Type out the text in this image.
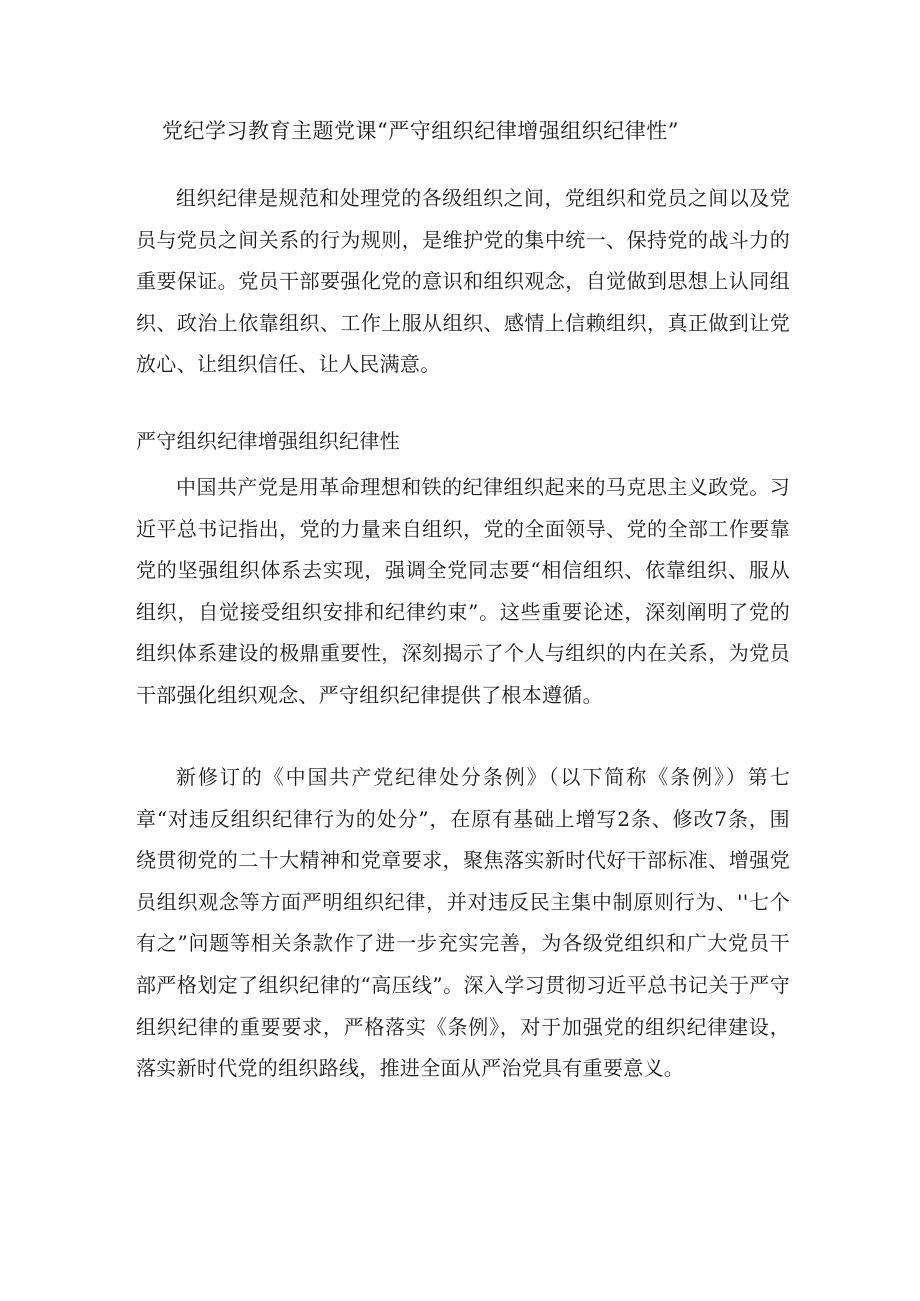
党纪学习教育主题党课“严守组织纪律增强组织纪律性”

组织纪律是规范和处理党的各级组织之间，党组织和党员之间以及党员与党员之间关系的行为规则，是维护党的集中统一、保持党的战斗力的重要保证。党员干部要强化党的意识和组织观念，自觉做到思想上认同组织、政治上依靠组织、工作上服从组织、感情上信赖组织，真正做到让党放心、让组织信任、让人民满意。

严守组织纪律增强组织纪律性

中国共产党是用革命理想和铁的纪律组织起来的马克思主义政党。习近平总书记指出，党的力量来自组织，党的全面领导、党的全部工作要靠党的坚强组织体系去实现，强调全党同志要“相信组织、依靠组织、服从组织，自觉接受组织安排和纪律约束”。这些重要论述，深刻阐明了党的组织体系建设的极鼎重要性，深刻揭示了个人与组织的内在关系，为党员干部强化组织观念、严守组织纪律提供了根本遵循。

新修订的《中国共产党纪律处分条例》（以下简称《条例》）第七章“对违反组织纪律行为的处分”，在原有基础上增写2条、修改7条，围绕贯彻党的二十大精神和党章要求，聚焦落实新时代好干部标准、增强党员组织观念等方面严明组织纪律，并对违反民主集中制原则行为、''七个有之”问题等相关条款作了进一步充实完善，为各级党组织和广大党员干部严格划定了组织纪律的“高压线”。深入学习贯彻习近平总书记关于严守组织纪律的重要要求，严格落实《条例》，对于加强党的组织纪律建设，落实新时代党的组织路线，推进全面从严治党具有重要意义。
